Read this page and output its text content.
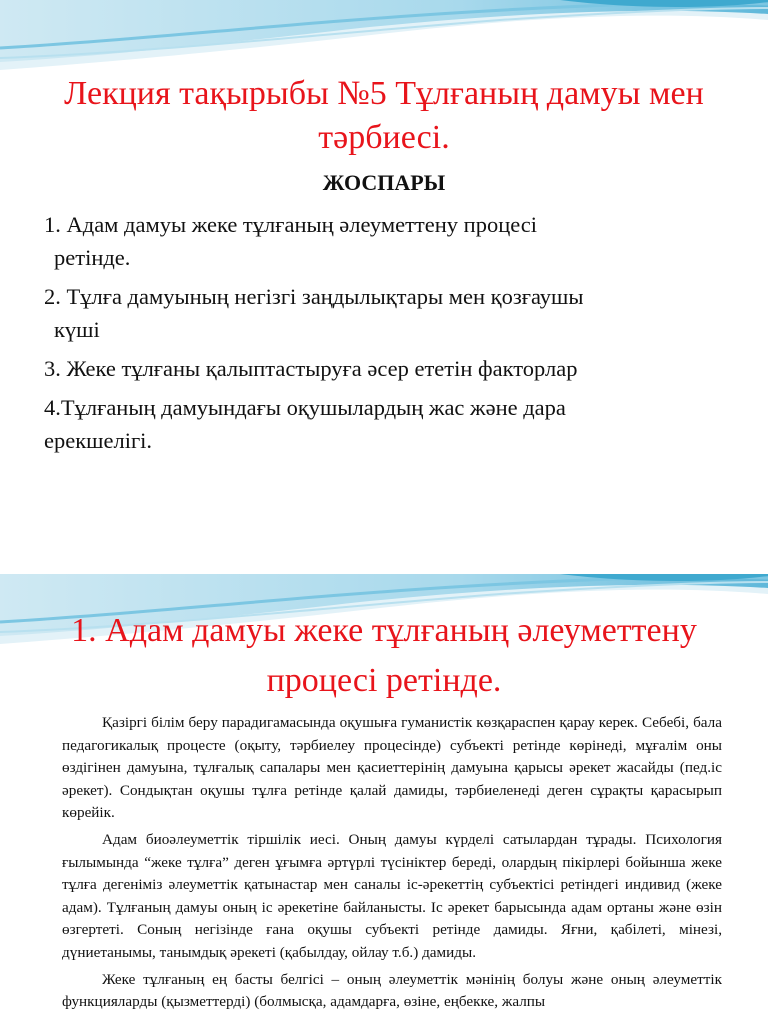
Лекция тақырыбы №5 Тұлғаның дамуы мен тәрбиесі.
ЖОСПАРЫ
1. Адам дамуы жеке тұлғаның әлеуметтену процесі
ретінде.
2. Тұлға дамуының негізгі заңдылықтары мен қозғаушы
күші
3. Жеке тұлғаны қалыптастыруға әсер ететін факторлар
4.Тұлғаның дамуындағы оқушылардың жас және дара
ерекшелігі.
1. Адам дамуы жеке тұлғаның әлеуметтену процесі ретінде.

Қазіргі білім беру парадигамасында оқушыға гуманистік көзқараспен қарау керек. Себебі, бала педагогикалық процесте (оқыту, тәрбиелеу процесінде) субъекті ретінде көрінеді, мұғалім оны өздігінен дамуына, тұлғалық сапалары мен қасиеттерінің дамуына қарысы әрекет жасайды (пед.іс әрекет). Сондықтан оқушы тұлға ретінде қалай дамиды, тәрбиеленеді деген сұрақты қарасырып көрейік.

Адам биоәлеуметтік тіршілік иесі. Оның дамуы күрделі сатылардан тұрады. Психология ғылымында “жеке тұлға” деген ұғымға әртүрлі түсініктер береді, олардың пікірлері бойынша жеке тұлға дегеніміз әлеуметтік қатынастар мен саналы іс-әрекеттің субъектісі ретіндегі индивид (жеке адам). Тұлғаның дамуы оның іс әрекетіне байланысты. Іс әрекет барысында адам ортаны және өзін өзгертеті. Соның негізінде ғана оқушы субъекті ретінде дамиды. Яғни, қабілеті, мінезі, дүниетанымы, танымдық әрекеті (қабылдау, ойлау т.б.) дамиды.

Жеке тұлғаның ең басты белгісі – оның әлеуметтік мәнінің болуы және оның әлеуметтік функцияларды (қызметтерді) (болмысқа, адамдарға, өзіне, еңбекке, жалпы
